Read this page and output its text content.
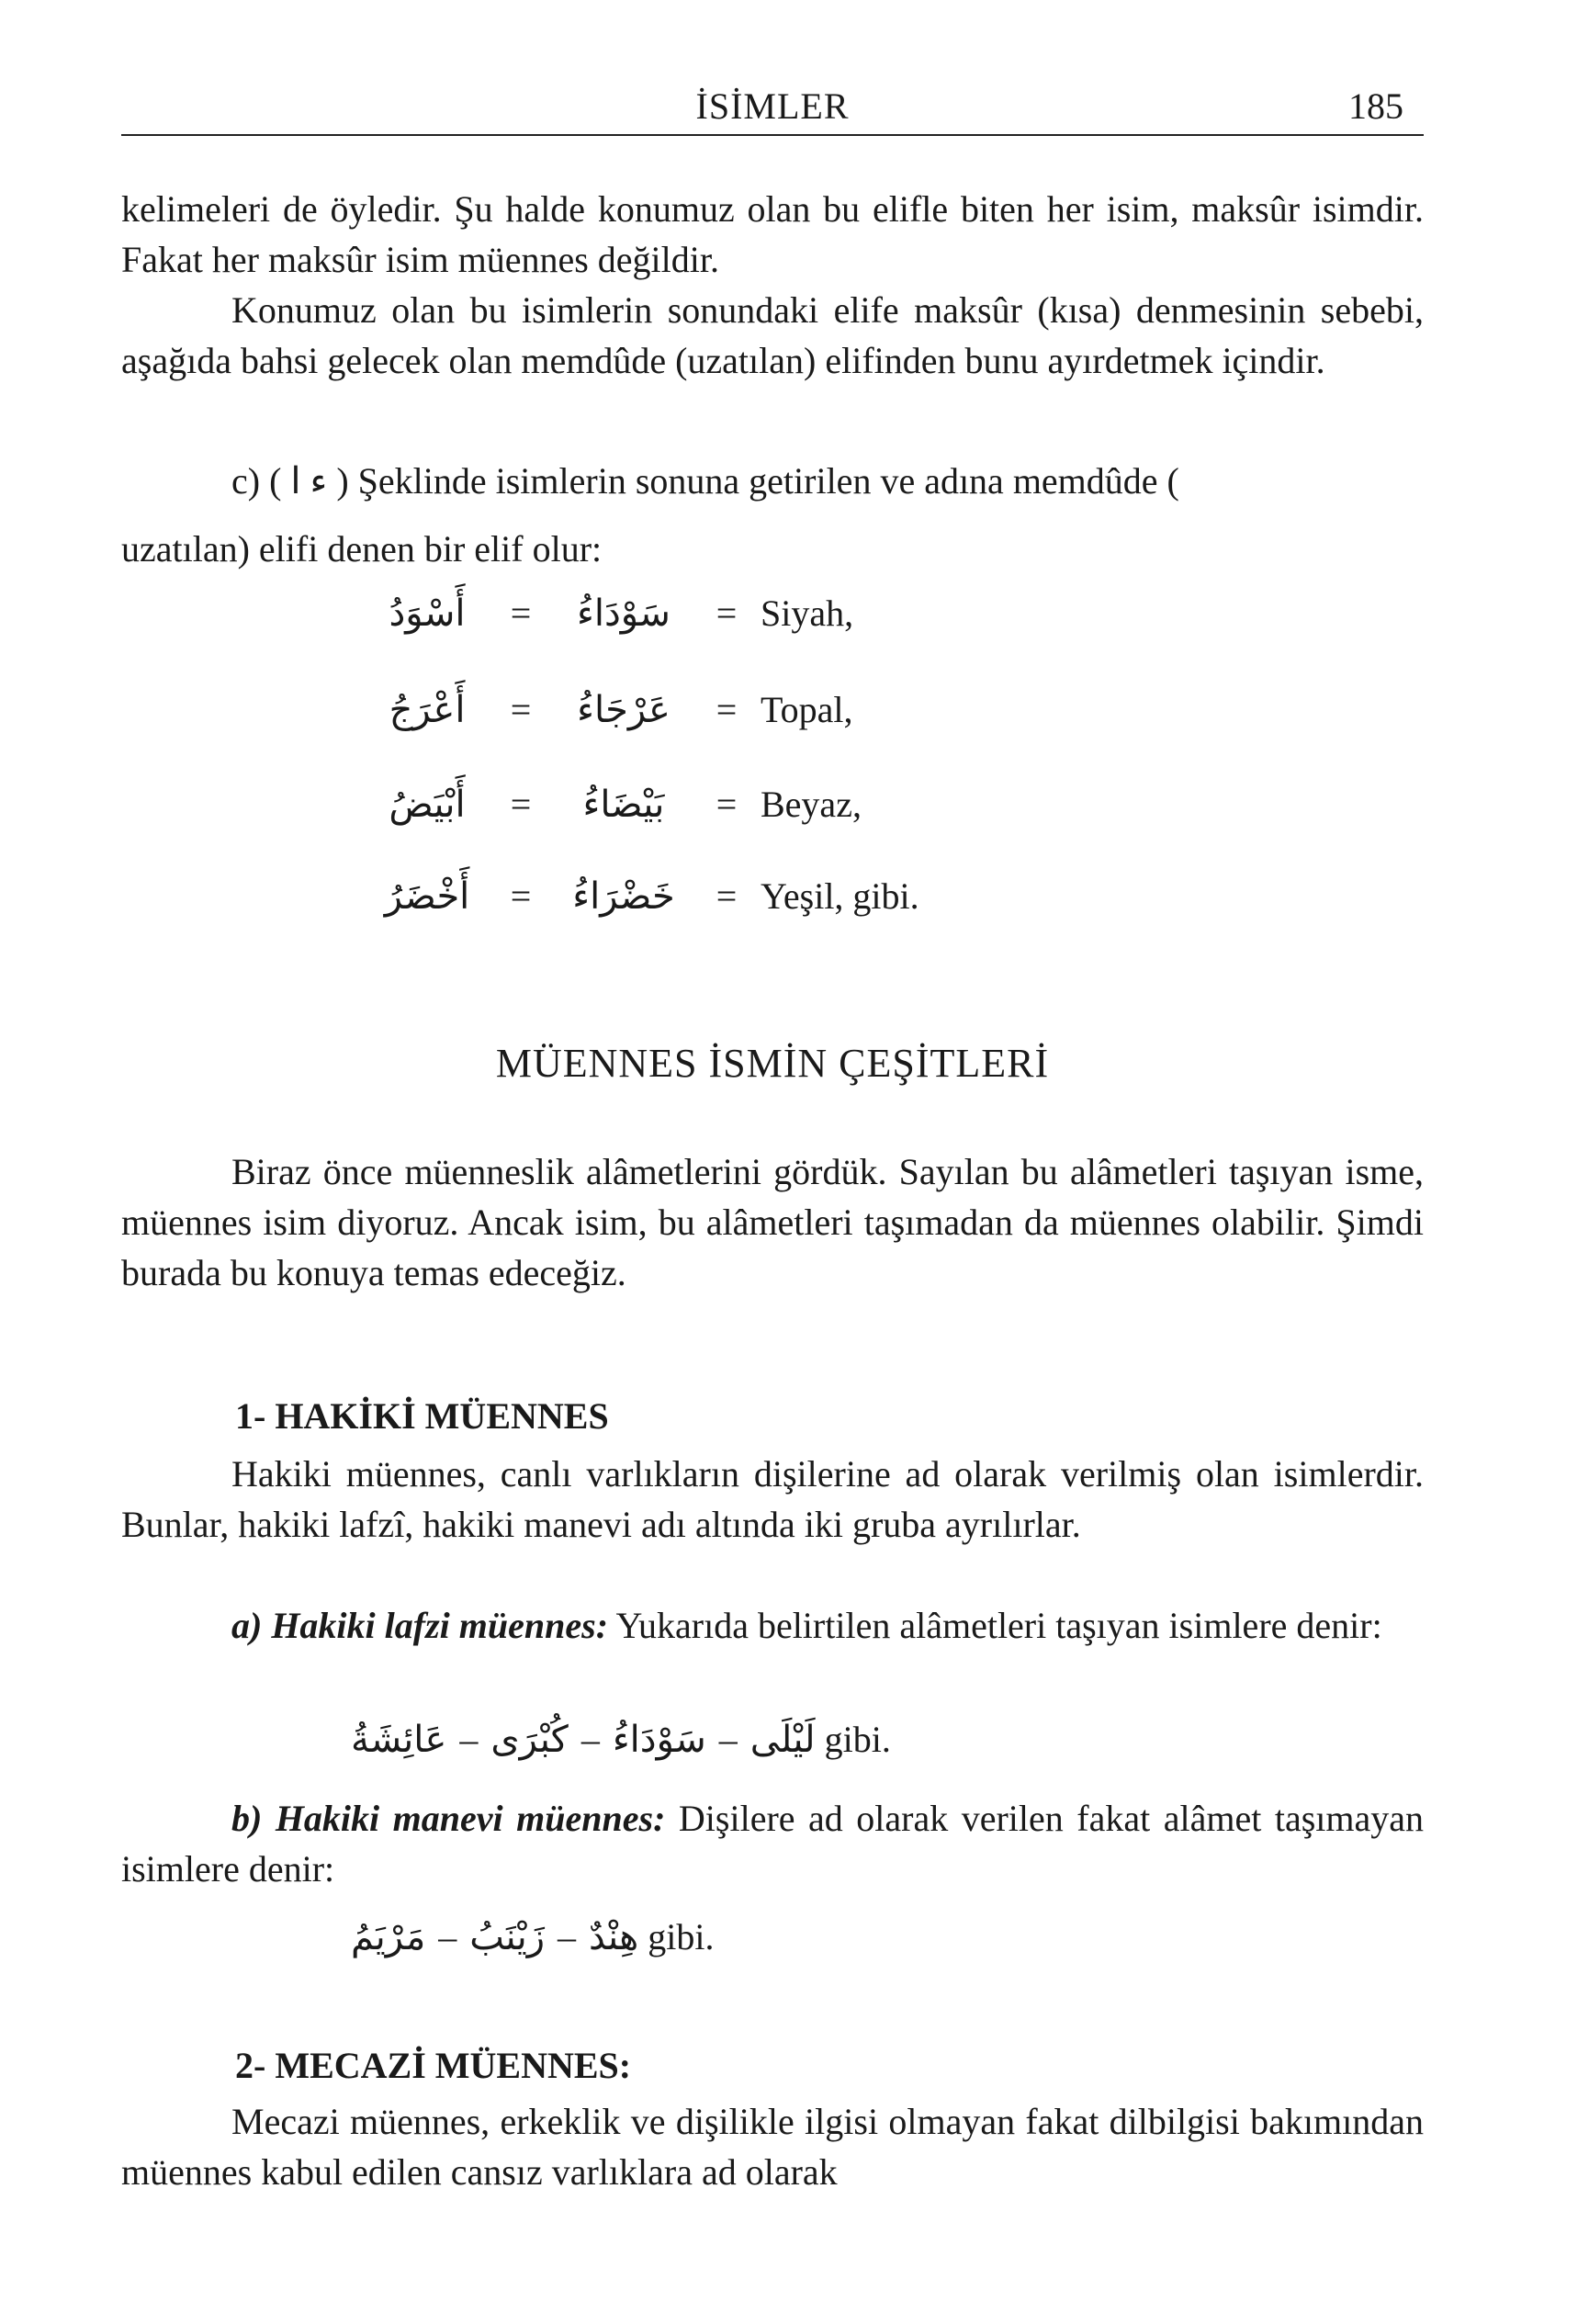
İSİMLER	185

kelimeleri de öyledir. Şu halde konumuz olan bu elifle biten her isim, maksûr isimdir. Fakat her maksûr isim müennes değildir.

Konumuz olan bu isimlerin sonundaki elife maksûr (kısa) denmesinin sebebi, aşağıda bahsi gelecek olan memdûde (uzatılan) elifinden bunu ayırdetmek içindir.

c) ( ء ا ) Şeklinde isimlerin sonuna getirilen ve adına memdûde (

uzatılan) elifi denen bir elif olur:

أَسْوَدُ = سَوْدَاءُ = Siyah,
أَعْرَجُ = عَرْجَاءُ = Topal,
أَبْيَضُ = بَيْضَاءُ = Beyaz,
أَخْضَرُ = خَضْرَاءُ = Yeşil, gibi.
MÜENNES İSMİN ÇEŞİTLERİ

Biraz önce müenneslik alâmetlerini gördük. Sayılan bu alâmetleri taşıyan isme, müennes isim diyoruz. Ancak isim, bu alâmetleri taşımadan da müennes olabilir. Şimdi burada bu konuya temas edeceğiz.

1- HAKİKİ MÜENNES

Hakiki müennes, canlı varlıkların dişilerine ad olarak verilmiş olan isimlerdir. Bunlar, hakiki lafzî, hakiki manevi adı altında iki gruba ayrılırlar.

a) Hakiki lafzi müennes: Yukarıda belirtilen alâmetleri taşıyan isimlere denir:

عَائِشَةُ – كُبْرَى – سَوْدَاءُ – لَيْلَى gibi.

b) Hakiki manevi müennes: Dişilere ad olarak verilen fakat alâmet taşımayan isimlere denir:

مَرْيَمُ – زَيْنَبُ – هِنْدٌ gibi.
2- MECAZİ MÜENNES:

Mecazi müennes, erkeklik ve dişilikle ilgisi olmayan fakat dilbilgisi bakımından müennes kabul edilen cansız varlıklara ad olarak
